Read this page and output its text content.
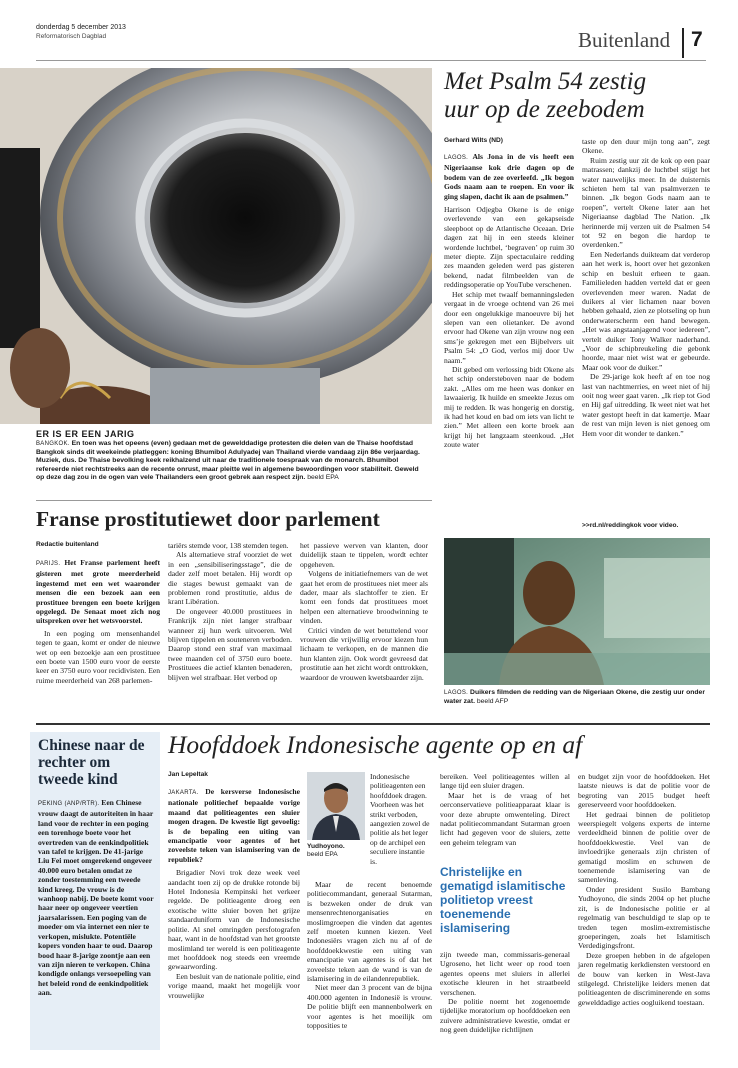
donderdag 5 december 2013
Reformatorisch Dagblad	Buitenland 7
ER IS ER EEN JARIG
BANGKOK. En toen was het opeens (even) gedaan met de gewelddadige protesten die delen van de Thaise hoofdstad Bangkok sinds dit weekeinde platleggen: koning Bhumibol Adulyadej van Thailand vierde vandaag zijn 86e verjaardag. Muziek, dus. De Thaise bevolking keek reikhalzend uit naar de traditionele toespraak van de monarch. Bhumibol refereerde niet rechtstreeks aan de recente onrust, maar pleitte wel in algemene bewoordingen voor stabiliteit. Geweld op deze dag zou in de ogen van vele Thailanders een groot gebrek aan respect zijn. beeld EPA
Met Psalm 54 zestig
uur op de zeebodem
Gerhard Wilts (ND)

LAGOS. Als Jona in de vis heeft een Nigeriaanse kok drie dagen op de bodem van de zee overleefd. „Ik begon Gods naam aan te roepen. En voor ik ging slapen, dacht ik aan de psalmen.”

Harrison Odjegba Okene is de enige overlevende van een gekapseisde sleepboot op de Atlantische Oceaan. Drie dagen zat hij in een steeds kleiner wordende luchtbel, ‘begraven’ op ruim 30 meter diepte. Zijn spectaculaire redding zes maanden geleden werd pas gisteren bekend, nadat filmbeelden van de reddingsoperatie op YouTube verschenen.

Het schip met twaalf bemanningsleden vergaat in de vroege ochtend van 26 mei door een ongelukkige manoeuvre bij het slepen van een olietanker. De avond ervoor had Okene van zijn vrouw nog een sms’je gekregen met een Bijbelvers uit Psalm 54: „O God, verlos mij door Uw naam.”

Dit gebed om verlossing bidt Okene als het schip ondersteboven naar de bodem zakt. „Alles om me heen was donker en lawaaierig. Ik huilde en smeekte Jezus om mij te redden. Ik was hongerig en dorstig, ik had het koud en bad om iets van licht te zien.” Met alleen een korte broek aan krijgt hij het langzaam steenkoud. „Het zoute water

taste op den duur mijn tong aan”, zegt Okene.

Ruim zestig uur zit de kok op een paar matrassen; dankzij de luchtbel stijgt het water nauwelijks meer. In de duisternis schieten hem tal van psalmverzen te binnen. „Ik begon Gods naam aan te roepen”, vertelt Okene later aan het Nigeriaanse dagblad The Nation. „Ik herinnerde mij verzen uit de Psalmen 54 tot 92 en begon die hardop te overdenken.”

Een Nederlands duikteam dat verderop aan het werk is, hoort over het gezonken schip en besluit erheen te gaan. Familieleden hadden verteld dat er geen overlevenden meer waren. Nadat de duikers al vier lichamen naar boven hebben gehaald, zien ze plotseling op hun onderwaterscherm een hand bewegen. „Het was angstaanjagend voor iedereen”, vertelt duiker Tony Walker naderhand. „Voor de schipbreukeling die gebonk hoorde, maar niet wist wat er gebeurde. Maar ook voor de duiker.”

De 29-jarige kok heeft af en toe nog last van nachtmerries, en weet niet of hij ooit nog weer gaat varen. „Ik riep tot God en Hij gaf uitredding. Ik weet niet wat het water gestopt heeft in dat kamertje. Maar de rest van mijn leven is niet genoeg om Hem voor dit wonder te danken.”

>>rd.nl/reddingkok voor video.
LAGOS. Duikers filmden de redding van de Nigeriaan Okene, die zestig uur onder water zat. beeld AFP
Franse prostitutiewet door parlement
Redactie buitenland

PARIJS. Het Franse parlement heeft gisteren met grote meerderheid ingestemd met een wet waaronder mensen die een bezoek aan een prostituee brengen een boete krijgen opgelegd. De Senaat moet zich nog uitspreken over het wetsvoorstel.

In een poging om mensenhandel tegen te gaan, komt er onder de nieuwe wet op een bezoekje aan een prostituee een boete van 1500 euro voor de eerste keer en 3750 euro voor recidivisten. Een ruime meerderheid van 268 parlemen-

tariërs stemde voor, 138 stemden tegen.

Als alternatieve straf voorziet de wet in een „sensibiliseringsstage”, die de dader zelf moet betalen. Hij wordt op die stages bewust gemaakt van de problemen rond prostitutie, aldus de krant Libération.

De ongeveer 40.000 prostituees in Frankrijk zijn niet langer strafbaar wanneer zij hun werk uitvoeren. Wel blijven tippelen en souteneren verboden. Daarop stond een straf van maximaal twee maanden cel of 3750 euro boete. Prostituees die actief klanten benaderen, blijven wel strafbaar. Het verbod op

het passieve werven van klanten, door duidelijk staan te tippelen, wordt echter opgeheven.

Volgens de initiatiefnemers van de wet gaat het erom de prostituees niet meer als dader, maar als slachtoffer te zien. Er komt een fonds dat prostituees moet helpen een alternatieve broodwinning te vinden.

Critici vinden de wet betuttelend voor vrouwen die vrijwillig ervoor kiezen hun lichaam te verkopen, en de mannen die hun klanten zijn. Ook wordt gevreesd dat prostitutie aan het zicht wordt onttrokken, waardoor de vrouwen kwetsbaarder zijn.

Chinese naar de rechter om tweede kind

PEKING (ANP/RTR). Een Chinese vrouw daagt de autoriteiten in haar land voor de rechter in een poging een torenhoge boete voor het overtreden van de eenkindpolitiek van tafel te krijgen. De 41-jarige Liu Fei moet omgerekend ongeveer 40.000 euro betalen omdat ze zonder toestemming een tweede kind kreeg. De vrouw is de wanhoop nabij. De boete komt voor haar neer op ongeveer veertien jaarsalarissen. Een poging van de moeder om via internet een nier te verkopen, mislukte. Potentiële kopers vonden haar te oud. Daarop bood haar 8-jarige zoontje aan een van zijn nieren te verkopen. China kondigde onlangs versoepeling van het beleid rond de eenkindpolitiek aan.

Hoofddoek Indonesische agente op en af
Jan Lepeltak

JAKARTA. De kersverse Indonesische nationale politiechef bepaalde vorige maand dat politieagentes een sluier mogen dragen. De kwestie ligt gevoelig: is de bepaling een uiting van emancipatie voor agentes of het zoveelste teken van islamisering van de republiek?

Brigadier Novi trok deze week veel aandacht toen zij op de drukke rotonde bij Hotel Indonesia Kempinski het verkeer regelde. De politieagente droeg een exotische witte sluier boven het grijze standaarduniform van de Indonesische politie. Al snel omringden persfotografen haar, want in de hoofdstad van het grootste moslimland ter wereld is een politieagente met hoofddoek nog steeds een vreemde gewaarwording.

Een besluit van de nationale politie, eind vorige maand, maakt het mogelijk voor vrouwelijke

Yudhoyono.
beeld EPA

Indonesische politieagenten een hoofddoek dragen. Voorheen was het strikt verboden, aangezien zowel de politie als het leger op de archipel een seculiere instantie is.

Maar de recent benoemde politiecommandant, generaal Sutarman, is bezweken onder de druk van mensenrechtenorganisaties en moslimgroepen die vinden dat agentes zelf moeten kunnen kiezen. Veel Indonesiërs vragen zich nu af of de hoofddoekkwestie een uiting van emancipatie van agentes is of dat het zoveelste teken aan de wand is van de islamisering in de eilandenrepubliek.

Niet meer dan 3 procent van de bijna 400.000 agenten in Indonesië is vrouw. De politie blijft een mannenbolwerk en voor agentes is het moeilijk om topposities te

bereiken. Veel politieagentes willen al lange tijd een sluier dragen.

Maar het is de vraag of het oerconservatieve politieapparaat klaar is voor deze abrupte omwenteling. Direct nadat politiecommandant Sutarman groen licht had gegeven voor de sluiers, zette een geheim telegram van

Christelijke en gematigd islamitische politietop vreest toenemende islamisering

zijn tweede man, commissaris-generaal Ugroseno, het licht weer op rood toen agentes opeens met sluiers in allerlei exotische kleuren in het straatbeeld verschenen.

De politie noemt het zogenoemde tijdelijke moratorium op hoofddoeken een zuivere administratieve kwestie, omdat er nog geen duidelijke richtlijnen

en budget zijn voor de hoofddoeken. Het laatste nieuws is dat de politie voor de begroting van 2015 budget heeft gereserveerd voor hoofddoeken.

Het gedraai binnen de politietop weerspiegelt volgens experts de interne verdeeldheid binnen de politie over de hoofddoekkwestie. Veel van de invloedrijke generaals zijn christen of gematigd moslim en schuwen de toenemende islamisering van de samenleving.

Onder president Susilo Bambang Yudhoyono, die sinds 2004 op het pluche zit, is de Indonesische politie er al regelmatig van beschuldigd te slap op te treden tegen moslim-extremistische groeperingen, zoals het Islamitisch Verdedigingsfront.

Deze groepen hebben in de afgelopen jaren regelmatig kerkdiensten verstoord en de bouw van kerken in West-Java stilgelegd. Christelijke leiders menen dat politieagenten de discriminerende en soms gewelddadige acties oogluikend toestaan.
